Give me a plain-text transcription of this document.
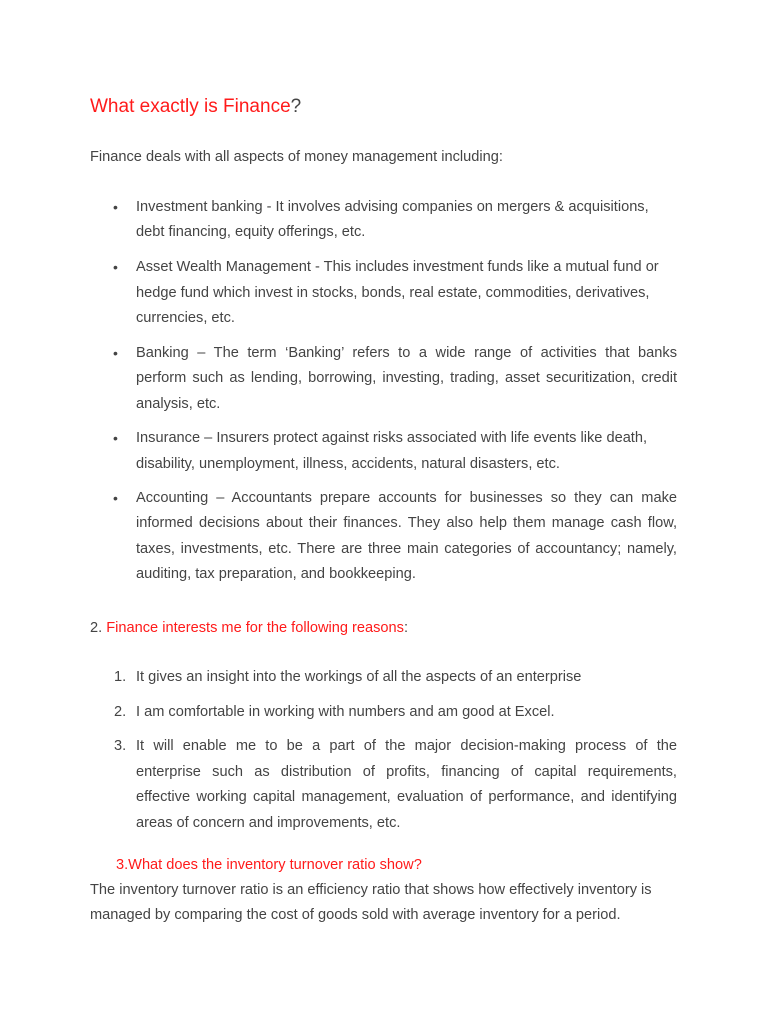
What exactly is Finance?
Finance deals with all aspects of money management including:
• Investment banking - It involves advising companies on mergers & acquisitions,
debt financing, equity offerings, etc.
• Asset Wealth Management - This includes investment funds like a mutual fund or
hedge fund which invest in stocks, bonds, real estate, commodities, derivatives,
currencies, etc.
• Banking – The term ‘Banking’ refers to a wide range of activities that banks
perform such as lending, borrowing, investing, trading, asset securitization, credit
analysis, etc.
• Insurance – Insurers protect against risks associated with life events like death,
disability, unemployment, illness, accidents, natural disasters, etc.
• Accounting – Accountants prepare accounts for businesses so they can make
informed decisions about their finances. They also help them manage cash flow,
taxes, investments, etc. There are three main categories of accountancy; namely,
auditing, tax preparation, and bookkeeping.
2. Finance interests me for the following reasons:
1. It gives an insight into the workings of all the aspects of an enterprise
2. I am comfortable in working with numbers and am good at Excel.
3. It will enable me to be a part of the major decision-making process of the
enterprise such as distribution of profits, financing of capital requirements,
effective working capital management, evaluation of performance, and identifying
areas of concern and improvements, etc.
3.What does the inventory turnover ratio show?
The inventory turnover ratio is an efficiency ratio that shows how effectively inventory is
managed by comparing the cost of goods sold with average inventory for a period.
